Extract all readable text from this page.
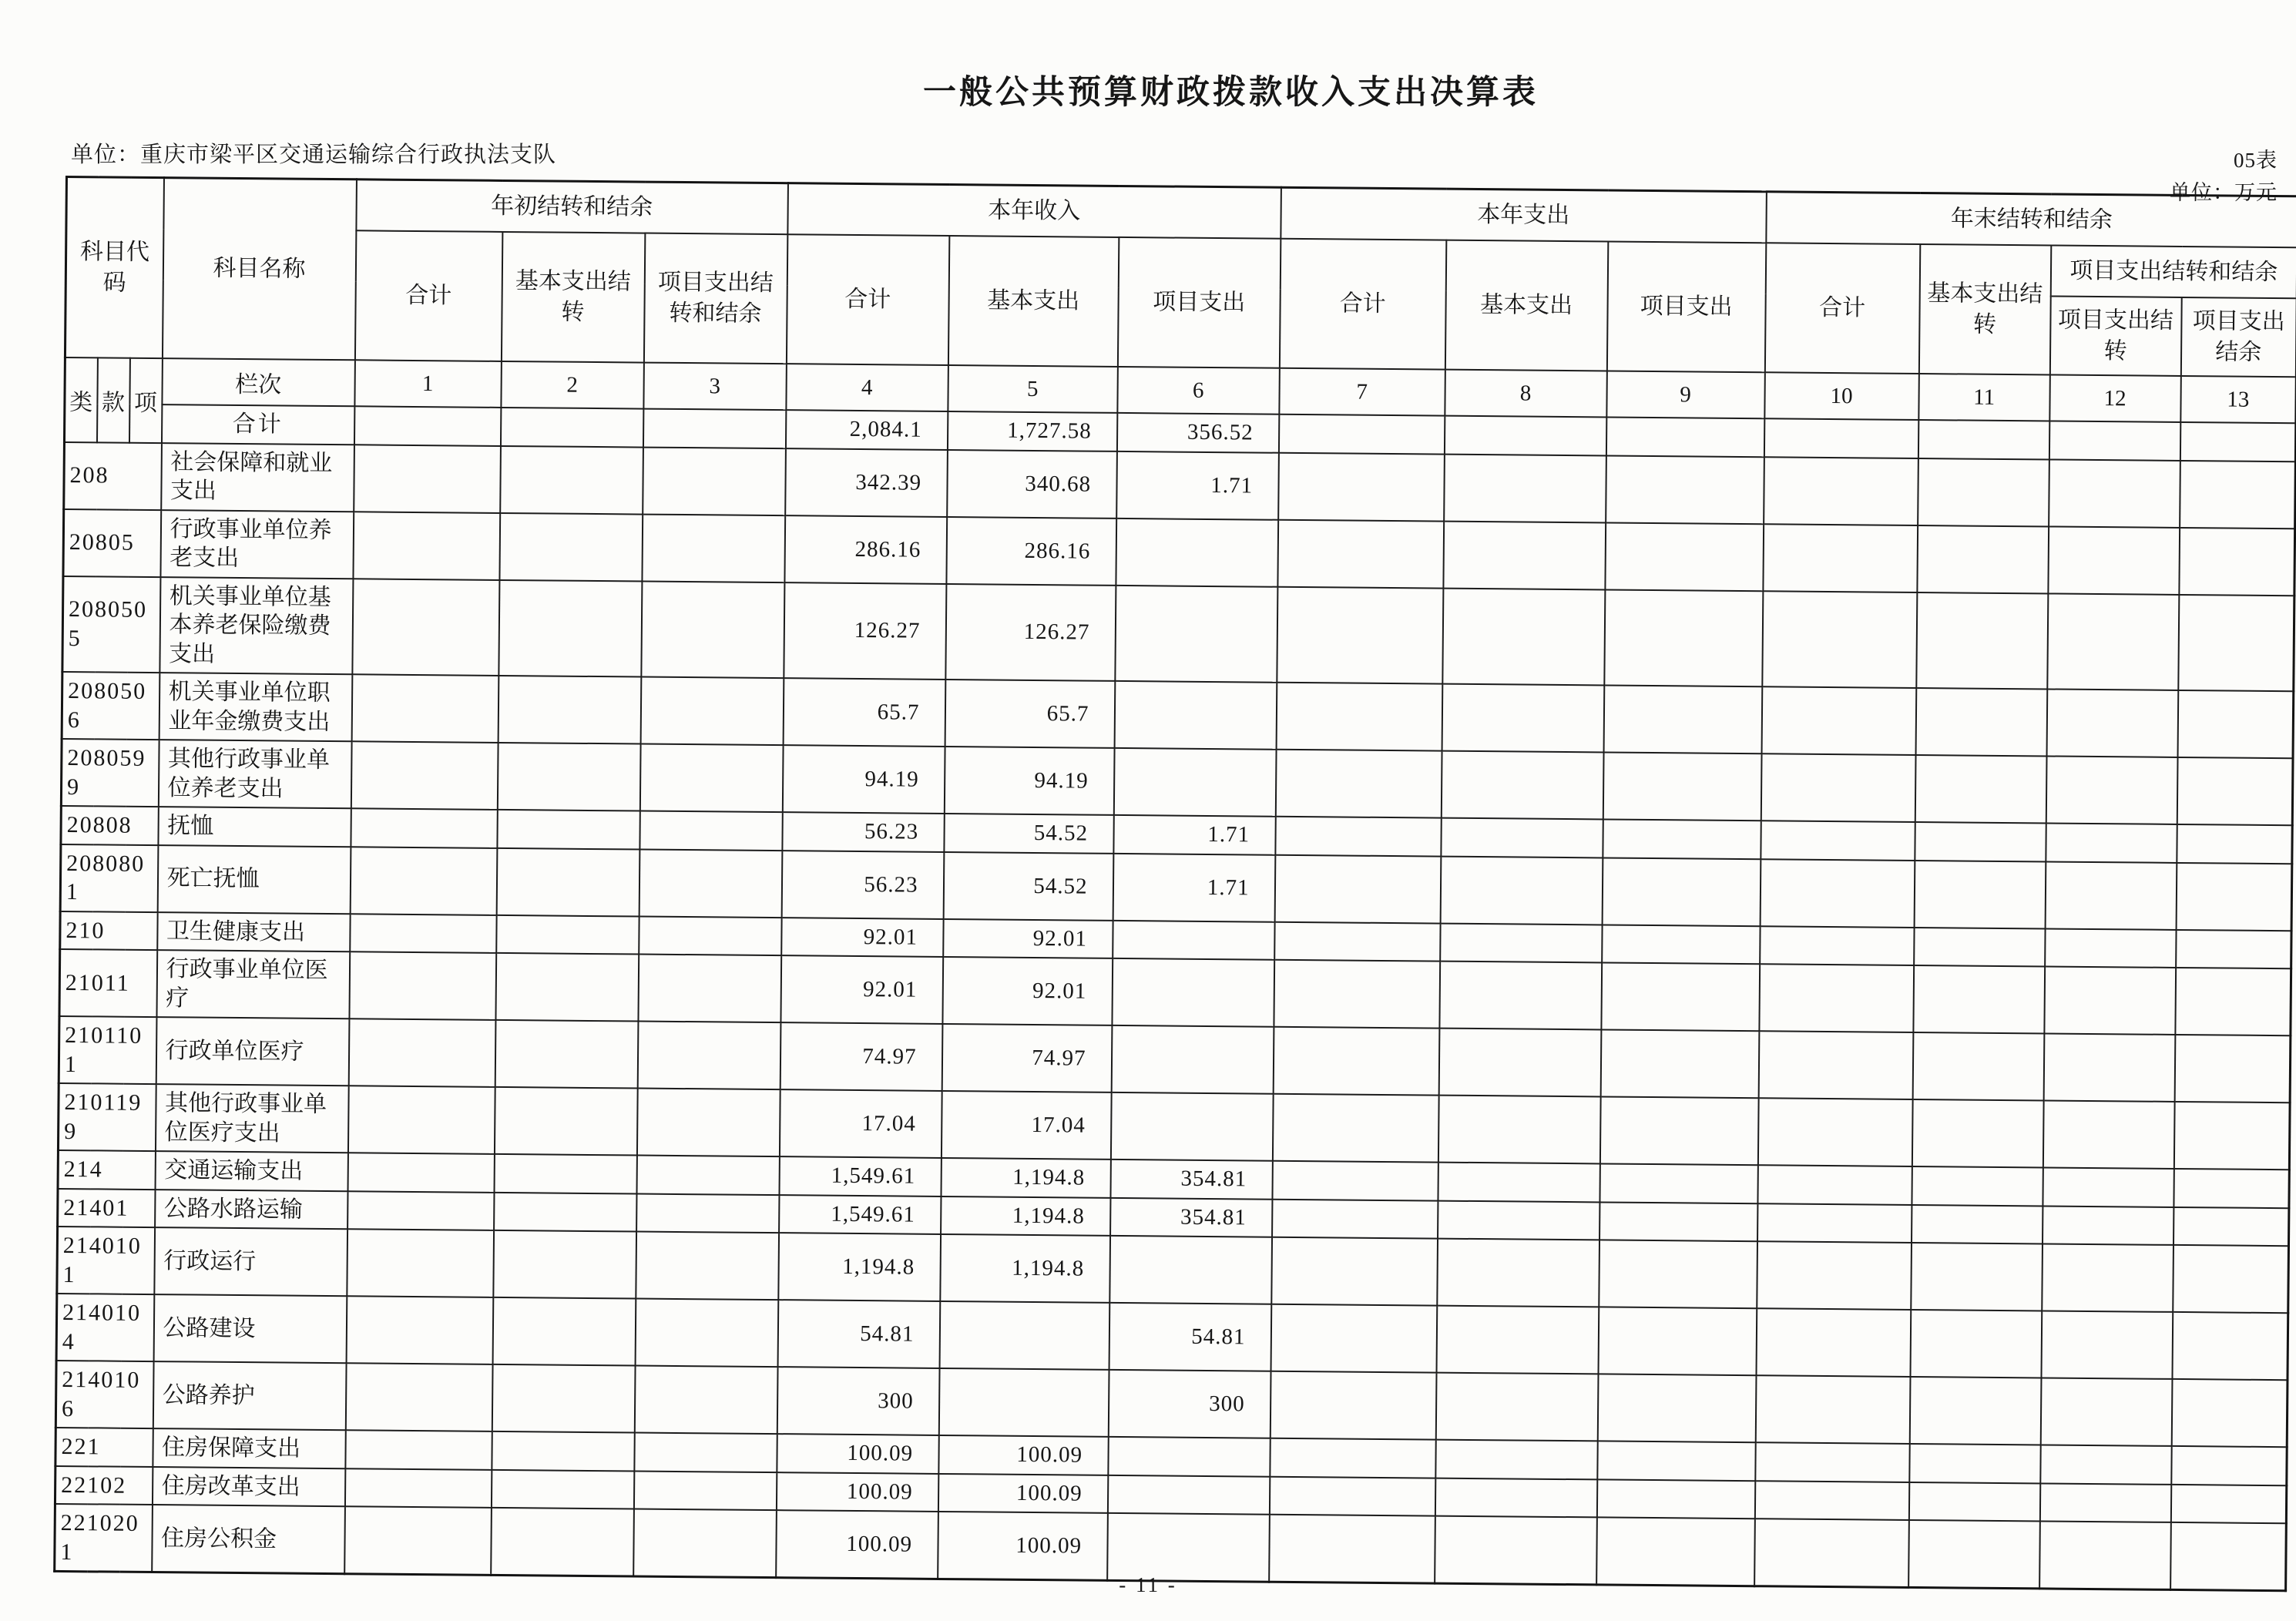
一般公共预算财政拨款收入支出决算表
单位：重庆市梁平区交通运输综合行政执法支队	05表
单位：万元
科目代码			科目名称	年初结转和结余			本年收入			本年支出			年末结转和结余			
				合计	基本支出结转	项目支出结转和结余	合计	基本支出	项目支出	合计	基本支出	项目支出	合计	基本支出结转	项目支出结转和结余	
															项目支出结转	项目支出结余
类	款	项	栏次	1	2	3	4	5	6	7	8	9	10	11	12	13
			合计				2,084.1	1,727.58	356.52							
208			社会保障和就业支出				342.39	340.68	1.71							
20805			行政事业单位养老支出				286.16	286.16								
2080505			机关事业单位基本养老保险缴费支出				126.27	126.27								
2080506			机关事业单位职业年金缴费支出				65.7	65.7								
2080599			其他行政事业单位养老支出				94.19	94.19								
20808			抚恤				56.23	54.52	1.71							
2080801			死亡抚恤				56.23	54.52	1.71							
210			卫生健康支出				92.01	92.01								
21011			行政事业单位医疗				92.01	92.01								
2101101			行政单位医疗				74.97	74.97								
2101199			其他行政事业单位医疗支出				17.04	17.04								
214			交通运输支出				1,549.61	1,194.8	354.81							
21401			公路水路运输				1,549.61	1,194.8	354.81							
2140101			行政运行				1,194.8	1,194.8								
2140104			公路建设				54.81		54.81							
2140106			公路养护				300		300							
221			住房保障支出				100.09	100.09								
22102			住房改革支出				100.09	100.09								
2210201			住房公积金				100.09	100.09								
- 11 -
